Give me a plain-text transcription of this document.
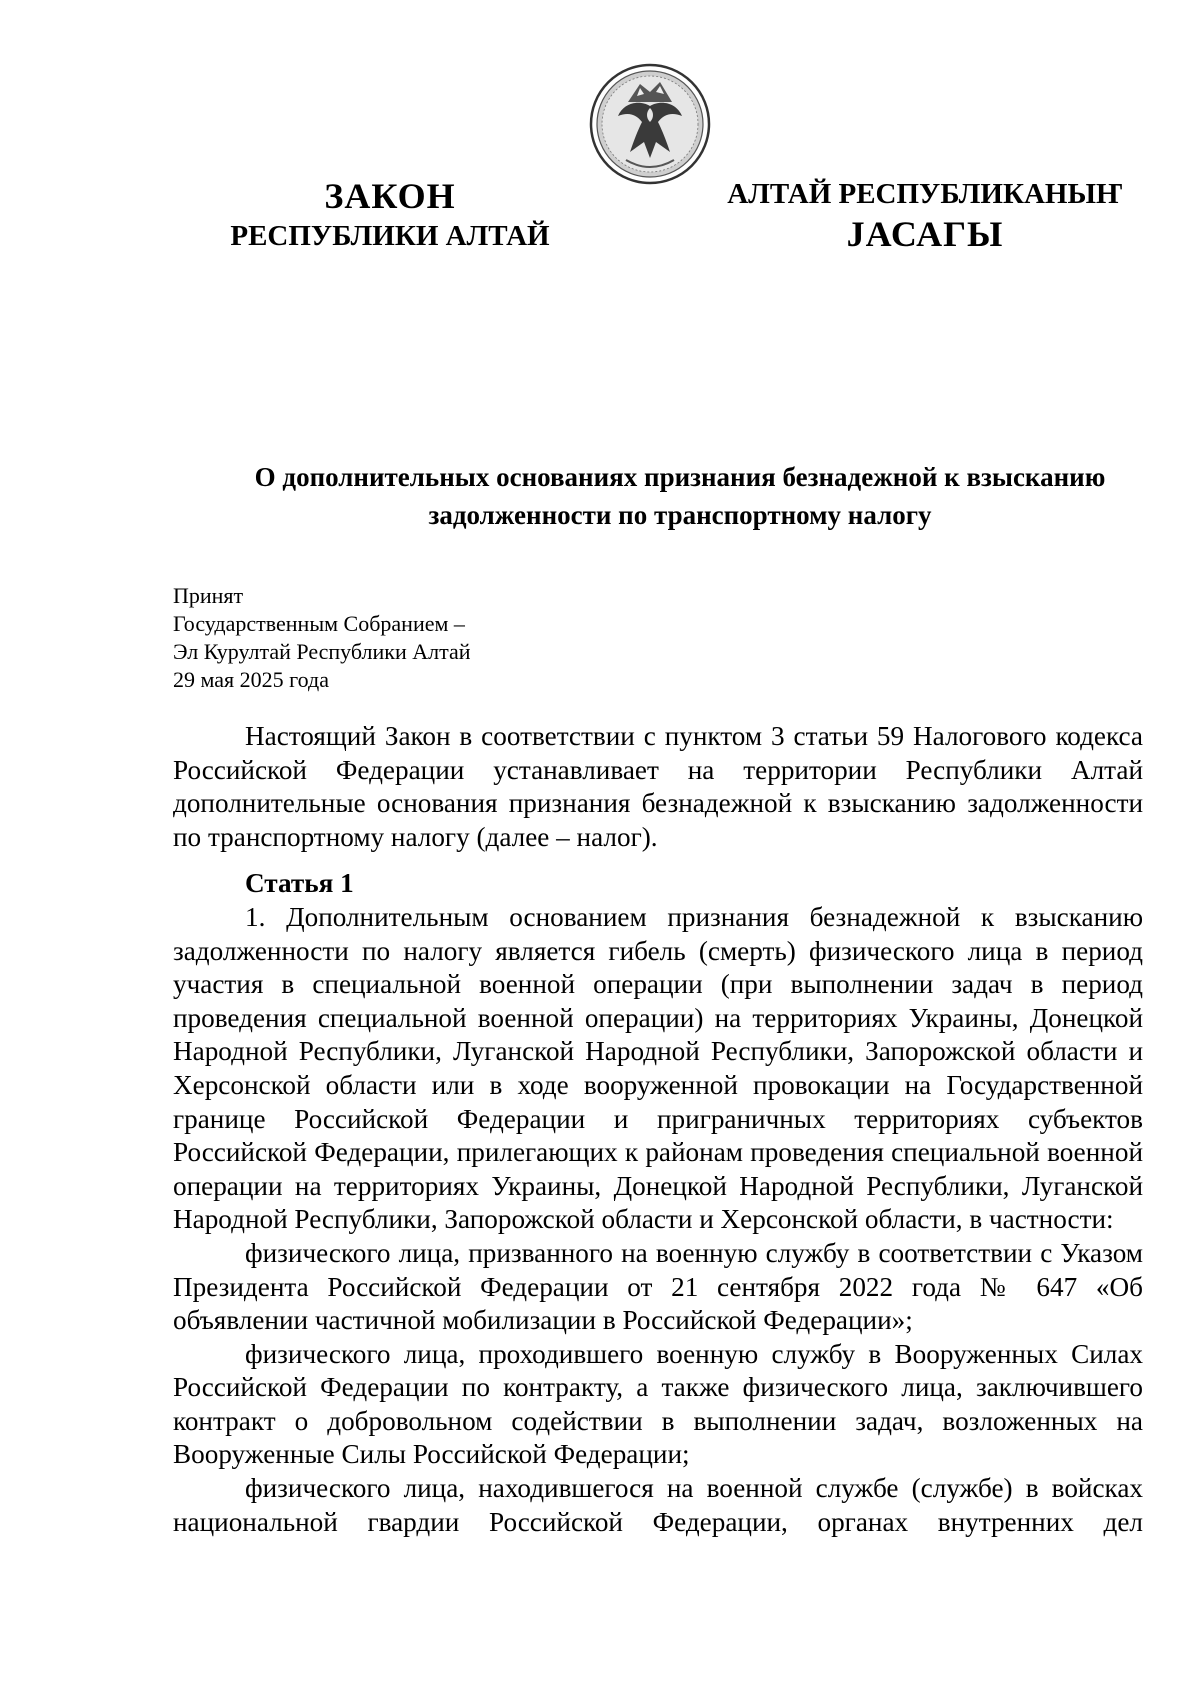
ЗАКОН
РЕСПУБЛИКИ АЛТАЙ
АЛТАЙ РЕСПУБЛИКАНЫҤ
ЈАСАГЫ
О дополнительных основаниях признания безнадежной к взысканию
задолженности по транспортному налогу
Принят
Государственным Собранием –
Эл Курултай Республики Алтай
29 мая 2025 года

Настоящий Закон в соответствии с пунктом 3 статьи 59 Налогового кодекса Российской Федерации устанавливает на территории Республики Алтай дополнительные основания признания безнадежной к взысканию задолженности по транспортному налогу (далее – налог).

Статья 1

1. Дополнительным основанием признания безнадежной к взысканию задолженности по налогу является гибель (смерть) физического лица в период участия в специальной военной операции (при выполнении задач в период проведения специальной военной операции) на территориях Украины, Донецкой Народной Республики, Луганской Народной Республики, Запорожской области и Херсонской области или в ходе вооруженной провокации на Государственной границе Российской Федерации и приграничных территориях субъектов Российской Федерации, прилегающих к районам проведения специальной военной операции на территориях Украины, Донецкой Народной Республики, Луганской Народной Республики, Запорожской области и Херсонской области, в частности:

физического лица, призванного на военную службу в соответствии с Указом Президента Российской Федерации от 21 сентября 2022 года № 647 «Об объявлении частичной мобилизации в Российской Федерации»;

физического лица, проходившего военную службу в Вооруженных Силах Российской Федерации по контракту, а также физического лица, заключившего контракт о добровольном содействии в выполнении задач, возложенных на Вооруженные Силы Российской Федерации;

физического лица, находившегося на военной службе (службе) в войсках национальной гвардии Российской Федерации, органах внутренних дел
